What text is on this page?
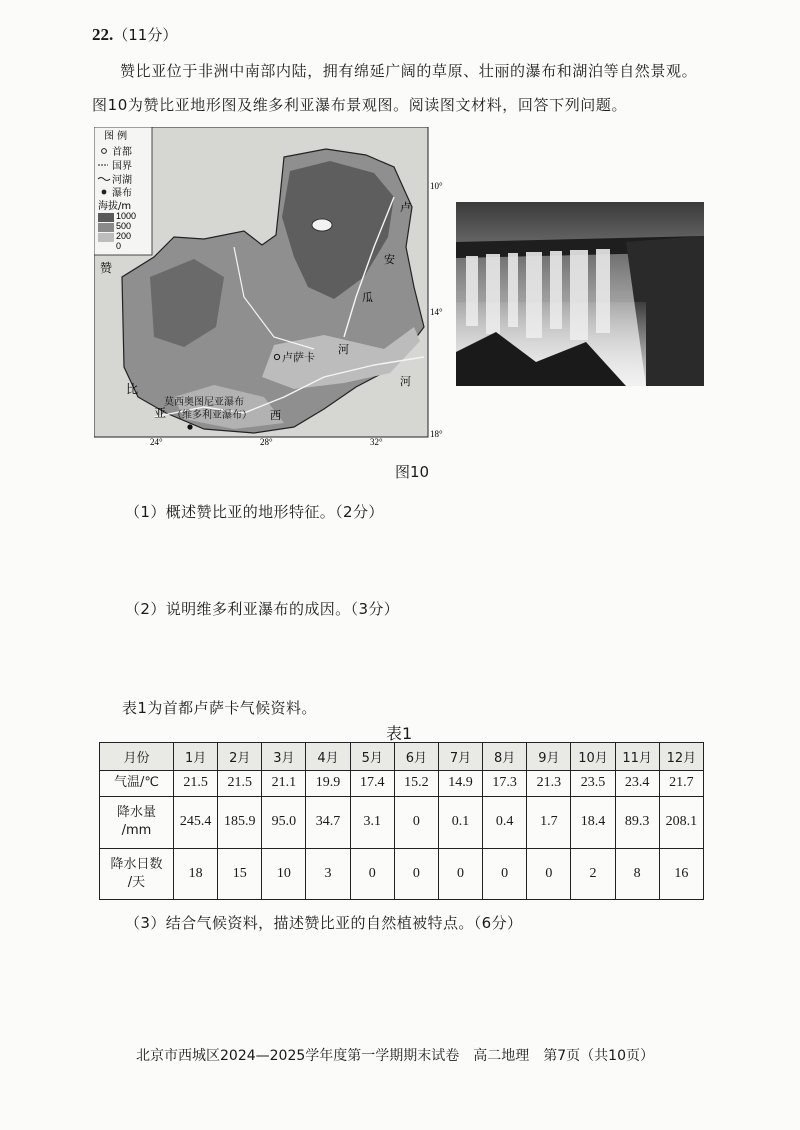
22.（11分）
赞比亚位于非洲中南部内陆，拥有绵延广阔的草原、壮丽的瀑布和湖泊等自然景观。
图10为赞比亚地形图及维多利亚瀑布景观图。阅读图文材料，回答下列问题。
图 例
首都
国界
河湖
瀑布
海拔/m
1000
500
200
0
卢萨卡
莫西奥图尼亚瀑布
（维多利亚瀑布）
赞
比
亚
卢
安
瓜
河
河
西
10°
14°
18°
24°	28°	32°
图10
（1）概述赞比亚的地形特征。（2分）
（2）说明维多利亚瀑布的成因。（3分）
表1为首都卢萨卡气候资料。
表1
月份	1月	2月	3月	4月	5月	6月	7月	8月	9月	10月	11月	12月
气温/℃	21.5	21.5	21.1	19.9	17.4	15.2	14.9	17.3	21.3	23.5	23.4	21.7
降水量
/mm	245.4	185.9	95.0	34.7	3.1	0	0.1	0.4	1.7	18.4	89.3	208.1
降水日数
/天	18	15	10	3	0	0	0	0	0	2	8	16
（3）结合气候资料，描述赞比亚的自然植被特点。（6分）
北京市西城区2024—2025学年度第一学期期末试卷　高二地理　第7页（共10页）
